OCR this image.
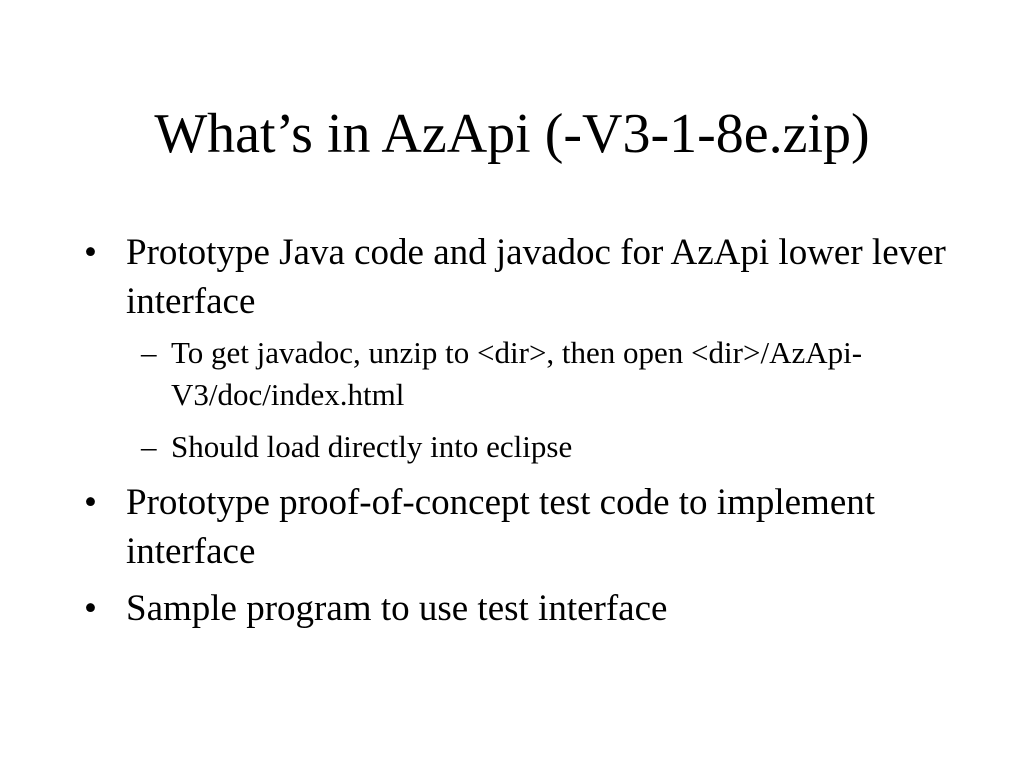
What’s in AzApi (-V3-1-8e.zip)
• Prototype Java code and javadoc for AzApi lower lever interface
– To get javadoc, unzip to <dir>, then open <dir>/AzApi-V3/doc/index.html
– Should load directly into eclipse
• Prototype proof-of-concept test code to implement interface
• Sample program to use test interface
